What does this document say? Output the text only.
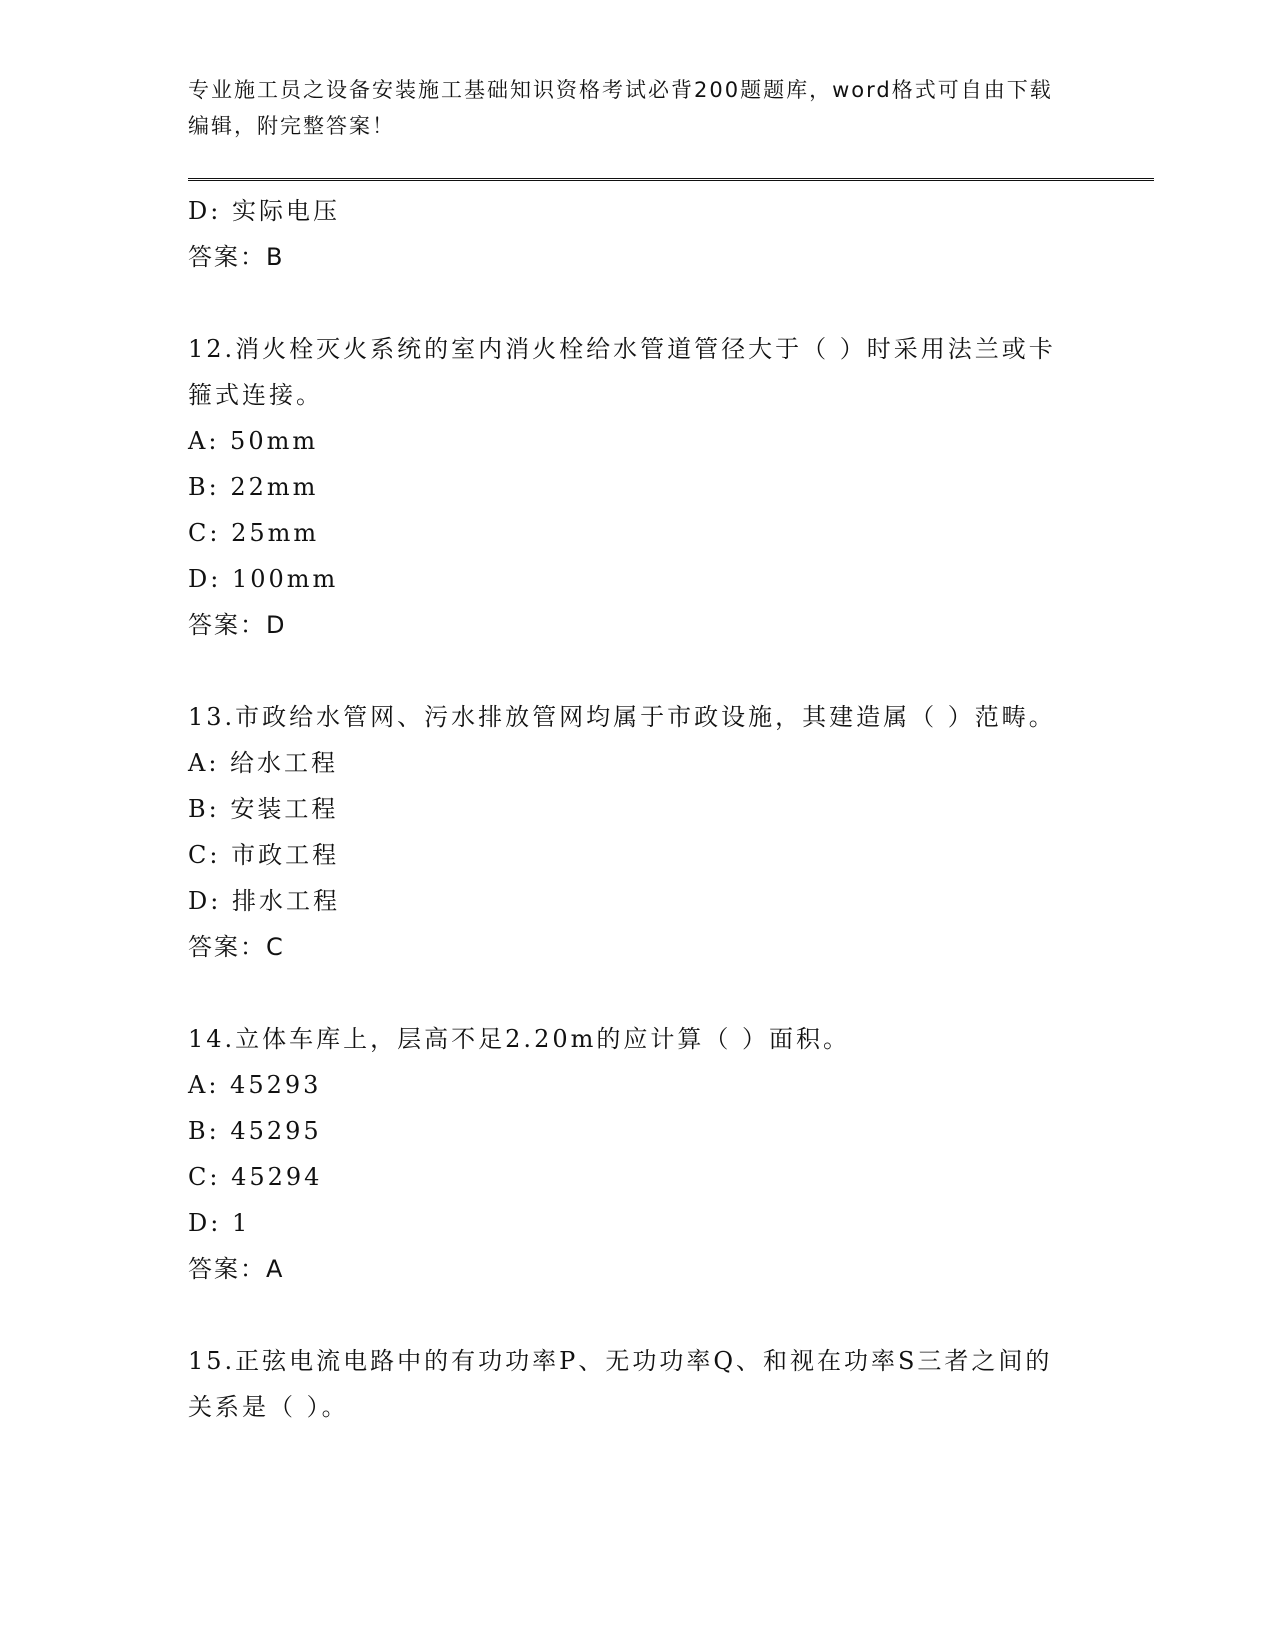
专业施工员之设备安装施工基础知识资格考试必背200题题库，word格式可自由下载编辑，附完整答案！
D: 实际电压
答案：B
12.消火栓灭火系统的室内消火栓给水管道管径大于（ ）时采用法兰或卡箍式连接。
A: 50mm
B: 22mm
C: 25mm
D: 100mm
答案：D
13.市政给水管网、污水排放管网均属于市政设施，其建造属（ ）范畴。
A: 给水工程
B: 安装工程
C: 市政工程
D: 排水工程
答案：C
14.立体车库上，层高不足2.20m的应计算（ ）面积。
A: 45293
B: 45295
C: 45294
D: 1
答案：A
15.正弦电流电路中的有功功率P、无功功率Q、和视在功率S三者之间的关系是（ ）。
